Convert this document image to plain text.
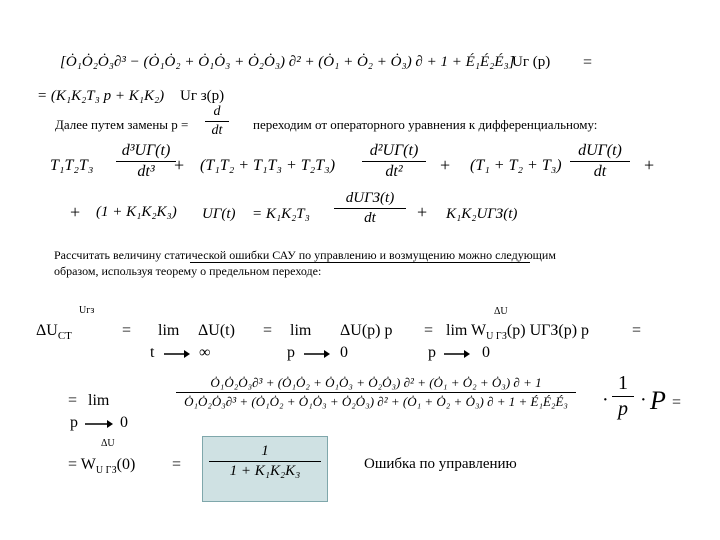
[Ȯ₁Ȯ₂Ȯ₃∂³ − (Ȯ₁Ȯ₂ + Ȯ₁Ȯ₃ + Ȯ₂Ȯ₃) ∂² + (Ȯ₁ + Ȯ₂ + Ȯ₃) ∂ + 1 + É₁É₂É₃]
Uг (p) =
= (K₁K₂T₃ p + K₁K₂) Uг з(p)
Далее путем замены p =
d
dt	переходим от операторного уравнения к дифференциальному:
T₁T₂T₃
d³UΓ(t)
dt³	+ (T₁T₂ + T₁T₃ + T₂T₃)
d²UΓ(t)
dt²	+ (T₁ + T₂ + T₃)
dUΓ(t)
dt	+
+ (1 + K₁K₂K₃) UΓ(t) = K₁K₂T₃
dUΓЗ(t)
dt	+ K₁K₂UΓЗ(t)
Рассчитать величину статической ошибки САУ по управлению и возмущению можно следующим
образом, используя теорему о предельном переходе:
Uгз	ΔU
$\Delta U_{CT}$	= lim ΔU(t) = lim ΔU(p) $p = \lim W_{U ГЗ}(p)$ UΓЗ(p) p	=
t	∞	p	0	p	0
= lim
p	0
Ȯ₁Ȯ₂Ȯ₃∂³ + (Ȯ₁Ȯ₂ + Ȯ₁Ȯ₃ + Ȯ₂Ȯ₃) ∂² + (Ȯ₁ + Ȯ₂ + Ȯ₃) ∂ + 1
Ȯ₁Ȯ₂Ȯ₃∂³ + (Ȯ₁Ȯ₂ + Ȯ₁Ȯ₃ + Ȯ₂Ȯ₃) ∂² + (Ȯ₁ + Ȯ₂ + Ȯ₃) ∂ + 1 + É₁É₂É₃	·
1
p · P =
ΔU
= $W_{U ГЗ}(0)$ =
1
1 + K₁K₂K₃	Ошибка по управлению
